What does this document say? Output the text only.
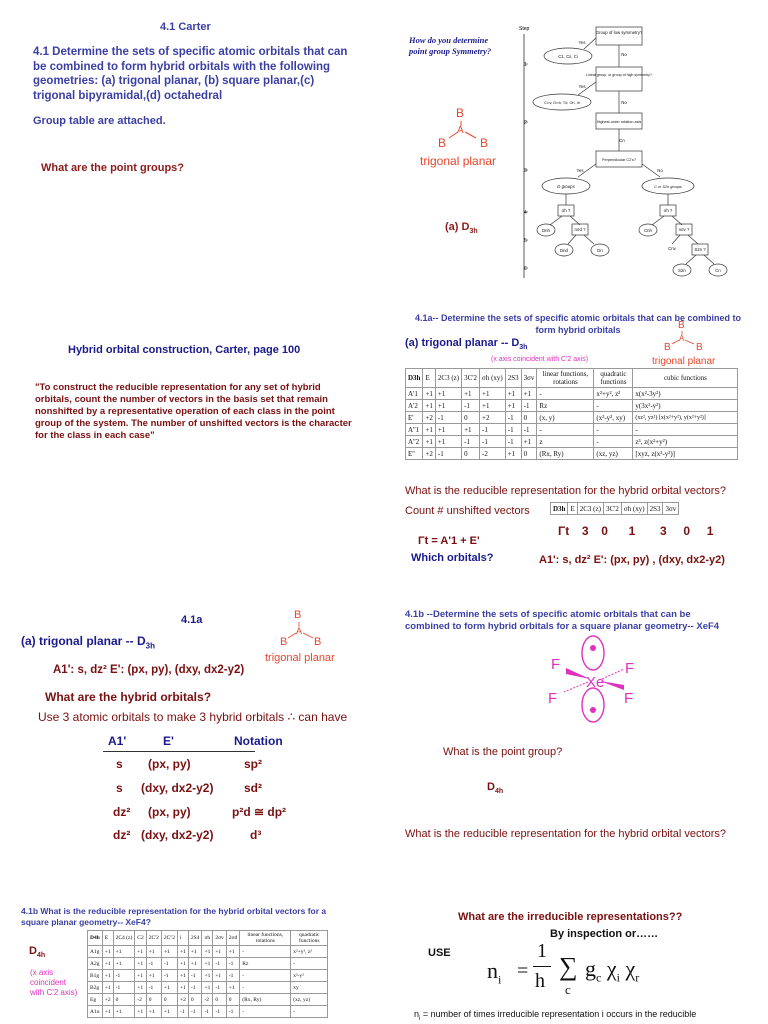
4.1 Carter
4.1 Determine the sets of specific atomic orbitals that can be combined to form hybrid orbitals with the following geometries: (a) trigonal planar, (b) square planar,(c) trigonal bipyramidal,(d) octahedral
Group table are attached.
What are the point groups?
How do you determine
point group Symmetry?
B
A
B	B
trigonal planar
(a) $D_{3h}$
Step
1
2
3
4
5
6
Group of low symmetry?
C1, Cs, Ci
Linear group, or group of high symmetry?
C∞v, D∞h, Td, Oh, Ih
Highest-order rotation axis
Cn
Perpendicular C2's?
D groups	C or S2n groups
σh ?	σh ?
nσd ?	nσv ?
S2n ?
Dnh
Dnd	Dn
Cnh
Cnv
S2n	Cn
Yes
No
Yes
No
Yes	No
Hybrid orbital construction, Carter, page 100
"To construct the reducible representation for any set of hybrid orbitals, count the number of vectors in the basis set that remain nonshifted by a representative operation of each class in the point group of the system. The number of unshifted vectors is the character for the class in each case"
4.1a-- Determine the sets of specific atomic orbitals that can be combined to form hybrid orbitals
(a) trigonal planar -- $D_{3h}$
(x axis coincident with C'2 axis)
B
A
B	B
trigonal planar
D3h	E	2C3 (z)	3C'2	σh (xy)	2S3	3σv	linear functions, rotations	quadratic functions	cubic functions
A'1	+1	+1	+1	+1	+1	+1	-	x²+y², z²	x(x²-3y²)
A'2	+1	+1	-1	+1	+1	-1	Rz	-	y(3x²-y²)
E'	+2	-1	0	+2	-1	0	(x, y)	(x²-y², xy)	(xz², yz²) [x(x²+y²), y(x²+y²)]
A''1	+1	+1	+1	-1	-1	-1	-	-	-
A''2	+1	+1	-1	-1	-1	+1	z	-	z³, z(x²+y²)
E''	+2	-1	0	-2	+1	0	(Rx, Ry)	(xz, yz)	[xyz, z(x²-y²)]
What is the reducible representation for the hybrid orbital vectors?
Count # unshifted vectors	D3h	E	2C3 (z)	3C'2	σh (xy)	2S3	3σv
Γt 3 0 1 3 0 1
Γt = A'1 + E'
Which orbitals?	A1': s, dz² E': (px, py) , (dxy, dx2-y2)
4.1a
(a) trigonal planar -- $D_{3h}$
B
A
B B
trigonal planar
A1': s, dz² E': (px, py), (dxy, dx2-y2)
What are the hybrid orbitals?
Use 3 atomic orbitals to make 3 hybrid orbitals ∴ can have
A1'	E'	Notation
s (px, py)	sp²
s (dxy, dx2-y2)	sd²
dz² (px, py)	p²d ≅ dp²
dz² (dxy, dx2-y2)	d³
4.1b --Determine the sets of specific atomic orbitals that can be combined to form hybrid orbitals for a square planar geometry-- XeF4
F	F
F	F
Xe
What is the point group?
$D_{4h}$
What is the reducible representation for the hybrid orbital vectors?
4.1b What is the reducible representation for the hybrid orbital vectors for a square planar geometry-- XeF4?
$D_{4h}$
(x axis coincident with C'2 axis)
D4h	E	2C4 (z)	C2	2C'2	2C''2	i	2S4	σh	2σv	2σd	linear functions, rotations	quadratic functions
A1g	+1	+1	+1	+1	+1	+1	+1	+1	+1	+1	-	x²+y², z²
A2g	+1	+1	+1	-1	-1	+1	+1	+1	-1	-1	Rz	-
B1g	+1	-1	+1	+1	-1	+1	-1	+1	+1	-1	-	x²-y²
B2g	+1	-1	+1	-1	+1	+1	-1	+1	-1	+1	-	xy
Eg	+2	0	-2	0	0	+2	0	-2	0	0	(Rx, Ry)	(xz, yz)
A1u	+1	+1	+1	+1	+1	-1	-1	-1	-1	-1	-	-
What are the irreducible representations??
By inspection or……
USE
$n_i$ =
1
h ∑
c
$g_c$ $\chi_i$ $\chi_r$
$n_i$ = number of times irreducible representation i occurs in the reducible
